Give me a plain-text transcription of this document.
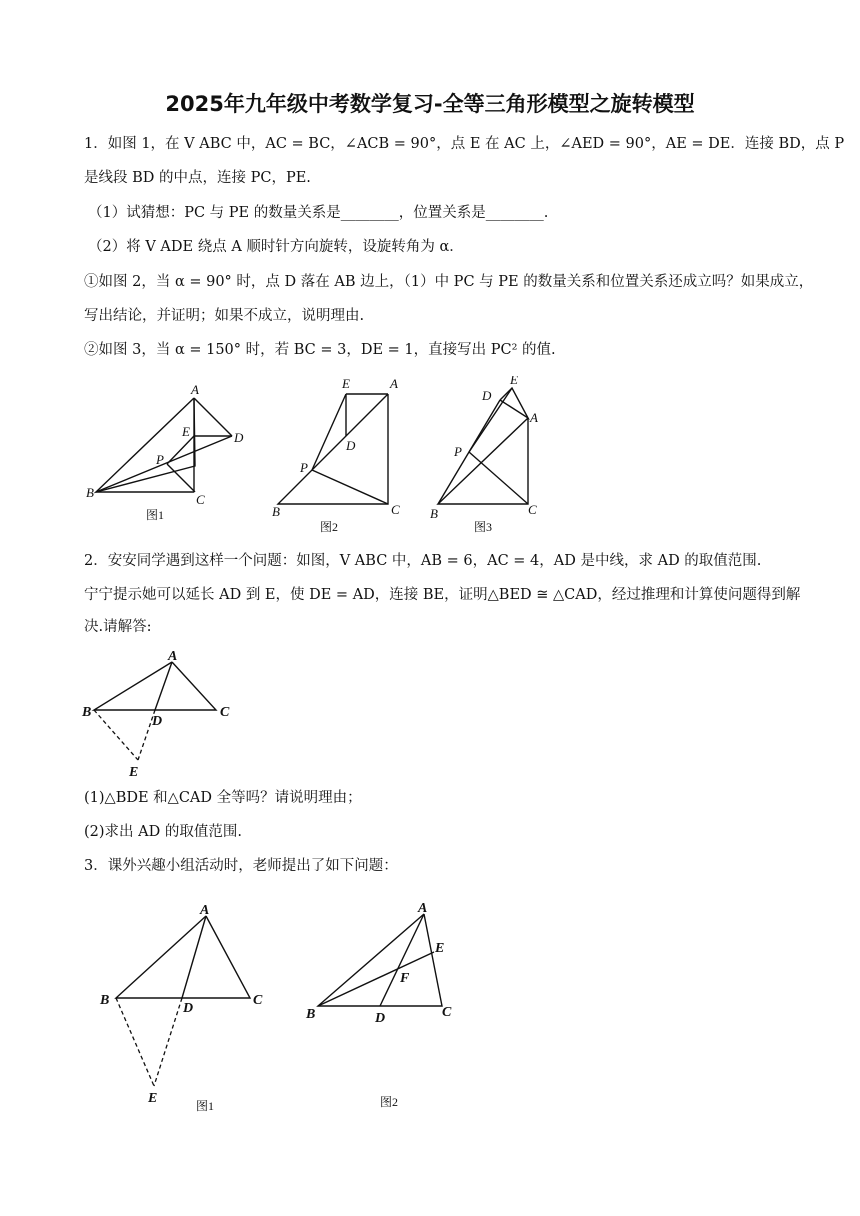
2025年九年级中考数学复习-全等三角形模型之旋转模型
1．如图 1，在 V ABC 中，AC = BC，∠ACB = 90°，点 E 在 AC 上，∠AED = 90°，AE = DE．连接 BD，点 P
是线段 BD 的中点，连接 PC，PE.
（1）试猜想：PC 与 PE 的数量关系是________，位置关系是________.
（2）将 V ADE 绕点 A 顺时针方向旋转，设旋转角为 α．
①如图 2，当 α = 90° 时，点 D 落在 AB 边上，（1）中 PC 与 PE 的数量关系和位置关系还成立吗？如果成立，
写出结论，并证明；如果不成立，说明理由.
②如图 3，当 α = 150° 时，若 BC = 3，DE = 1，直接写出 PC² 的值.
A
B	C
D
E
P
图1
A
B	C
D
E
P
图2
A
B	C
D
E
P
图3
2．安安同学遇到这样一个问题：如图，V ABC 中，AB = 6，AC = 4，AD 是中线，求 AD 的取值范围.
宁宁提示她可以延长 AD 到 E，使 DE = AD，连接 BE，证明△BED ≅ △CAD，经过推理和计算使问题得到解
决.请解答:
A
B	C
D
E
(1)△BDE 和△CAD 全等吗？请说明理由；
(2)求出 AD 的取值范围.
3．课外兴趣小组活动时，老师提出了如下问题：
A
B	C
D
E	图1
A
B	C
D
E
F
图2
